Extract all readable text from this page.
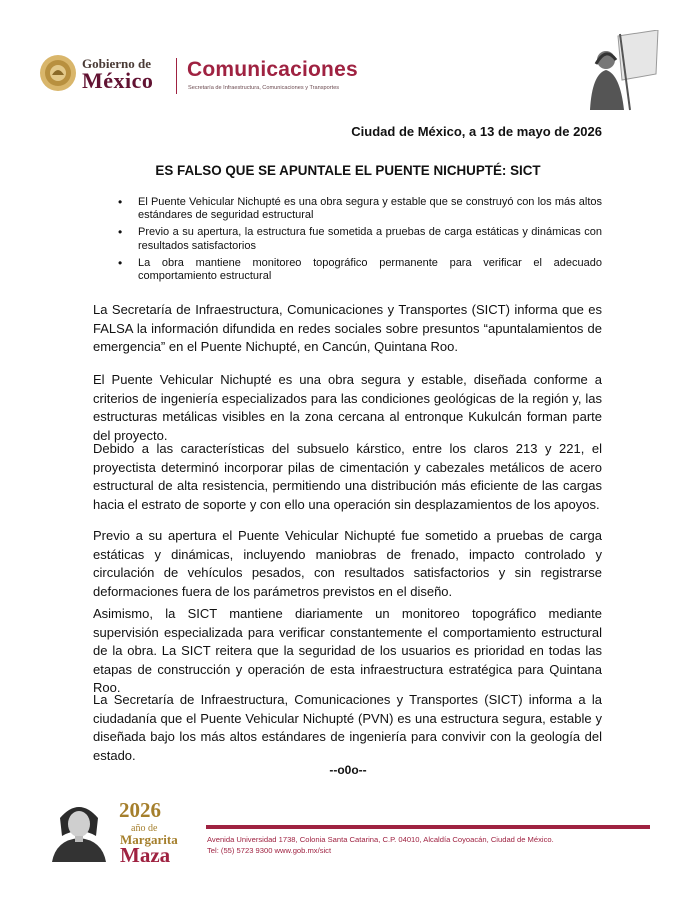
Gobierno de
México Comunicaciones
Secretaría de Infraestructura, Comunicaciones y Transportes
Ciudad de México, a 13 de mayo de 2026
ES FALSO QUE SE APUNTALE EL PUENTE NICHUPTÉ: SICT
• El Puente Vehicular Nichupté es una obra segura y estable que se construyó con los más altos estándares de seguridad estructural
• Previo a su apertura, la estructura fue sometida a pruebas de carga estáticas y dinámicas con resultados satisfactorios
• La obra mantiene monitoreo topográfico permanente para verificar el adecuado comportamiento estructural

La Secretaría de Infraestructura, Comunicaciones y Transportes (SICT) informa que es FALSA la información difundida en redes sociales sobre presuntos “apuntalamientos de emergencia” en el Puente Nichupté, en Cancún, Quintana Roo.

El Puente Vehicular Nichupté es una obra segura y estable, diseñada conforme a criterios de ingeniería especializados para las condiciones geológicas de la región y, las estructuras metálicas visibles en la zona cercana al entronque Kukulcán forman parte del proyecto.

Debido a las características del subsuelo kárstico, entre los claros 213 y 221, el proyectista determinó incorporar pilas de cimentación y cabezales metálicos de acero estructural de alta resistencia, permitiendo una distribución más eficiente de las cargas hacia el estrato de soporte y con ello una operación sin desplazamientos de los apoyos.

Previo a su apertura el Puente Vehicular Nichupté fue sometido a pruebas de carga estáticas y dinámicas, incluyendo maniobras de frenado, impacto controlado y circulación de vehículos pesados, con resultados satisfactorios y sin registrarse deformaciones fuera de los parámetros previstos en el diseño.

Asimismo, la SICT mantiene diariamente un monitoreo topográfico mediante supervisión especializada para verificar constantemente el comportamiento estructural de la obra. La SICT reitera que la seguridad de los usuarios es prioridad en todas las etapas de construcción y operación de esta infraestructura estratégica para Quintana Roo.

La Secretaría de Infraestructura, Comunicaciones y Transportes (SICT) informa a la ciudadanía que el Puente Vehicular Nichupté (PVN) es una estructura segura, estable y diseñada bajo los más altos estándares de ingeniería para convivir con la geología del estado.

--o0o--
2026
año de
Margarita
Maza
Avenida Universidad 1738, Colonia Santa Catarina, C.P. 04010, Alcaldía Coyoacán, Ciudad de México.
Tel: (55) 5723 9300 www.gob.mx/sict
